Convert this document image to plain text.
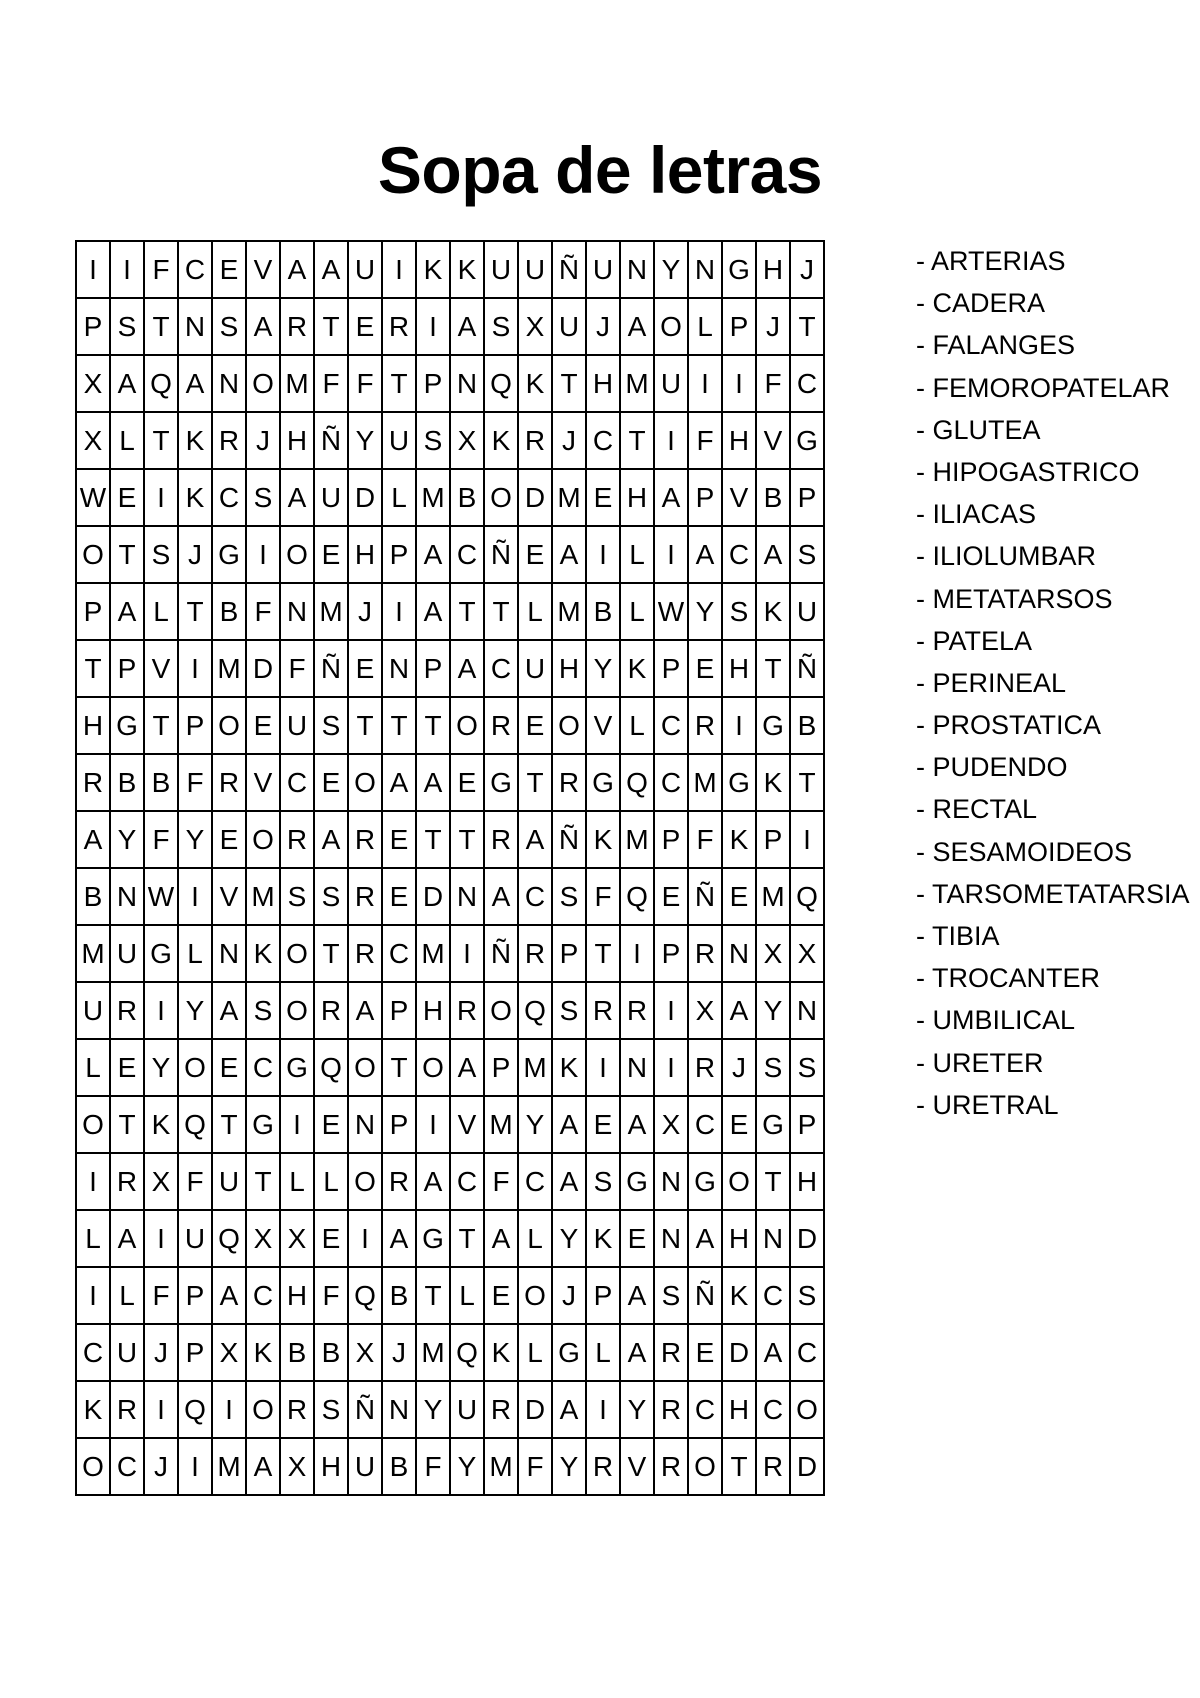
Sopa de letras
I	I	F	C	E	V	A	A	U	I	K	K	U	U	Ñ	U	N	Y	N	G	H	J
P	S	T	N	S	A	R	T	E	R	I	A	S	X	U	J	A	O	L	P	J	T
X	A	Q	A	N	O	M	F	F	T	P	N	Q	K	T	H	M	U	I	I	F	C
X	L	T	K	R	J	H	Ñ	Y	U	S	X	K	R	J	C	T	I	F	H	V	G
W	E	I	K	C	S	A	U	D	L	M	B	O	D	M	E	H	A	P	V	B	P
O	T	S	J	G	I	O	E	H	P	A	C	Ñ	E	A	I	L	I	A	C	A	S
P	A	L	T	B	F	N	M	J	I	A	T	T	L	M	B	L	W	Y	S	K	U
T	P	V	I	M	D	F	Ñ	E	N	P	A	C	U	H	Y	K	P	E	H	T	Ñ
H	G	T	P	O	E	U	S	T	T	T	O	R	E	O	V	L	C	R	I	G	B
R	B	B	F	R	V	C	E	O	A	A	E	G	T	R	G	Q	C	M	G	K	T
A	Y	F	Y	E	O	R	A	R	E	T	T	R	A	Ñ	K	M	P	F	K	P	I
B	N	W	I	V	M	S	S	R	E	D	N	A	C	S	F	Q	E	Ñ	E	M	Q
M	U	G	L	N	K	O	T	R	C	M	I	Ñ	R	P	T	I	P	R	N	X	X
U	R	I	Y	A	S	O	R	A	P	H	R	O	Q	S	R	R	I	X	A	Y	N
L	E	Y	O	E	C	G	Q	O	T	O	A	P	M	K	I	N	I	R	J	S	S
O	T	K	Q	T	G	I	E	N	P	I	V	M	Y	A	E	A	X	C	E	G	P
I	R	X	F	U	T	L	L	O	R	A	C	F	C	A	S	G	N	G	O	T	H
L	A	I	U	Q	X	X	E	I	A	G	T	A	L	Y	K	E	N	A	H	N	D
I	L	F	P	A	C	H	F	Q	B	T	L	E	O	J	P	A	S	Ñ	K	C	S
C	U	J	P	X	K	B	B	X	J	M	Q	K	L	G	L	A	R	E	D	A	C
K	R	I	Q	I	O	R	S	Ñ	N	Y	U	R	D	A	I	Y	R	C	H	C	O
O	C	J	I	M	A	X	H	U	B	F	Y	M	F	Y	R	V	R	O	T	R	D
- ARTERIAS
- CADERA
- FALANGES
- FEMOROPATELAR
- GLUTEA
- HIPOGASTRICO
- ILIACAS
- ILIOLUMBAR
- METATARSOS
- PATELA
- PERINEAL
- PROSTATICA
- PUDENDO
- RECTAL
- SESAMOIDEOS
- TARSOMETATARSIA
- TIBIA
- TROCANTER
- UMBILICAL
- URETER
- URETRAL
